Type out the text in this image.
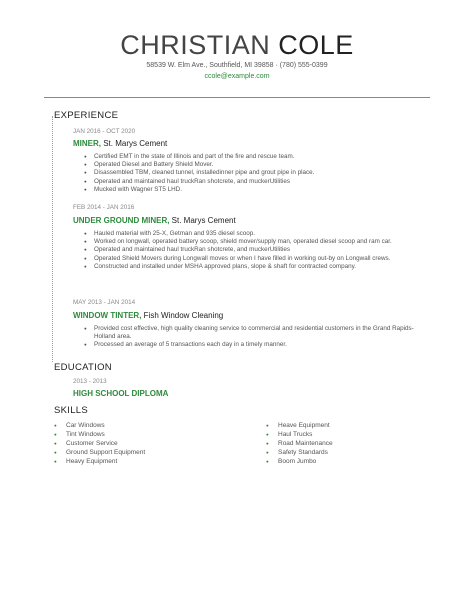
CHRISTIAN COLE
58539 W. Elm Ave., Southfield, MI 39858 · (780) 555-0399
ccole@example.com
EXPERIENCE
JAN 2016 - OCT 2020
MINER, St. Marys Cement
● Certified EMT in the state of Illinois and part of the fire and rescue team.
● Operated Diesel and Battery Shield Mover.
● Disassembled TBM, cleaned tunnel, installedinner pipe and grout pipe in place.
● Operated and maintained haul truckRan shotcrete, and muckerUtilities
● Mucked with Wagner ST5 LHD.
FEB 2014 - JAN 2016
UNDER GROUND MINER, St. Marys Cement
● Hauled material with 25-X, Getman and 935 diesel scoop.
● Worked on longwall, operated battery scoop, shield mover/supply man, operated diesel scoop and ram car.
● Operated and maintained haul truckRan shotcrete, and muckerUtilities
● Operated Shield Movers during Longwall moves or when I have filled in working out-by on Longwall crews.
● Constructed and installed under MSHA approved plans, slope & shaft for contracted company.
MAY 2013 - JAN 2014
WINDOW TINTER, Fish Window Cleaning
● Provided cost effective, high quality cleaning service to commercial and residential customers in the Grand Rapids-Holland area.
● Processed an average of 5 transactions each day in a timely manner.
EDUCATION
2013 - 2013
HIGH SCHOOL DIPLOMA
SKILLS
● Car Windows
● Tint Windows
● Customer Service
● Ground Support Equipment
● Heavy Equipment
● Heave Equipment
● Haul Trucks
● Road Maintenance
● Safety Standards
● Boom Jumbo
